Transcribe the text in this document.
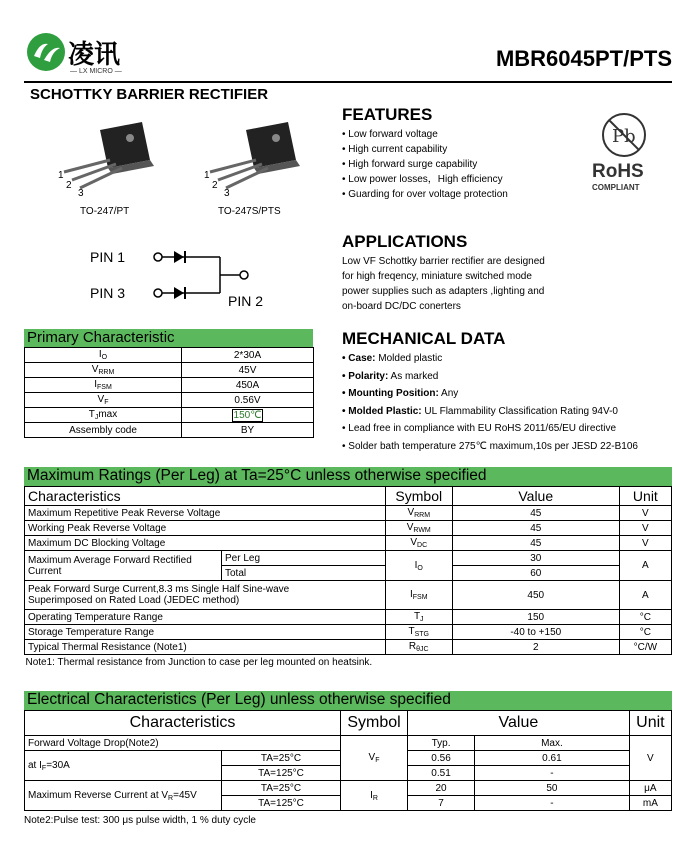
凌讯
— LX MICRO —
MBR6045PT/PTS
SCHOTTKY BARRIER RECTIFIER
1
2
3
TO-247/PT
1
2
3
TO-247S/PTS
PIN 1
PIN 3	PIN 2
FEATURES
• Low forward voltage
• High current capability
• High forward surge capability
• Low power losses，High efficiency
• Guarding for over voltage protection
Pb
RoHS
COMPLIANT
APPLICATIONS
Low VF Schottky barrier rectifier are designed
for high freqency, miniature switched mode
power supplies such as adapters ,lighting and
on-board DC/DC conerters
Primary Characteristic
$I_O$	2*30A
$V_{RRM}$	45V
$I_{FSM}$	450A
$V_F$	0.56V
$T_J\max$	150℃
Assembly code	BY
MECHANICAL DATA
• Case: Molded plastic
• Polarity: As marked
• Mounting Position: Any
• Molded Plastic: UL Flammability Classification Rating 94V-0
• Lead free in compliance with EU RoHS 2011/65/EU directive
• Solder bath temperature 275℃ maximum,10s per JESD 22-B106
Maximum Ratings (Per Leg) at Ta=25°C unless otherwise specified
Characteristics		Symbol	Value	Unit
Maximum Repetitive Peak Reverse Voltage		$V_{RRM}$	45	V
Working Peak Reverse Voltage		$V_{RWM}$	45	V
Maximum DC Blocking Voltage		$V_{DC}$	45	V

Maximum Average Forward Rectified
Current	Per Leg	$I_O$	30	A
	Total		60	

Peak Forward Surge Current,8.3 ms Single Half Sine-wave
Superimposed on Rated Load (JEDEC method)		$I_{FSM}$	450	A
Operating Temperature Range		$T_J$	150	°C
Storage Temperature Range		$T_{STG}$	-40 to +150	°C
Typical Thermal Resistance (Note1)		$R_{\theta JC}$	2	°C/W
Note1: Thermal resistance from Junction to case per leg mounted on heatsink.				
Electrical Characteristics (Per Leg) unless otherwise specified
Characteristics		Symbol	Value		Unit
Forward Voltage Drop(Note2)		$V_F$	Typ.	Max.	V
at $I_F=30A$	TA=25°C		0.56	0.61	
	TA=125°C		0.51	-	
Maximum Reverse Current at $V_R=45V$	TA=25°C	$I_R$	20	50	μA
	TA=125°C		7	-	mA
Note2:Pulse test: 300 μs pulse width, 1 % duty cycle
